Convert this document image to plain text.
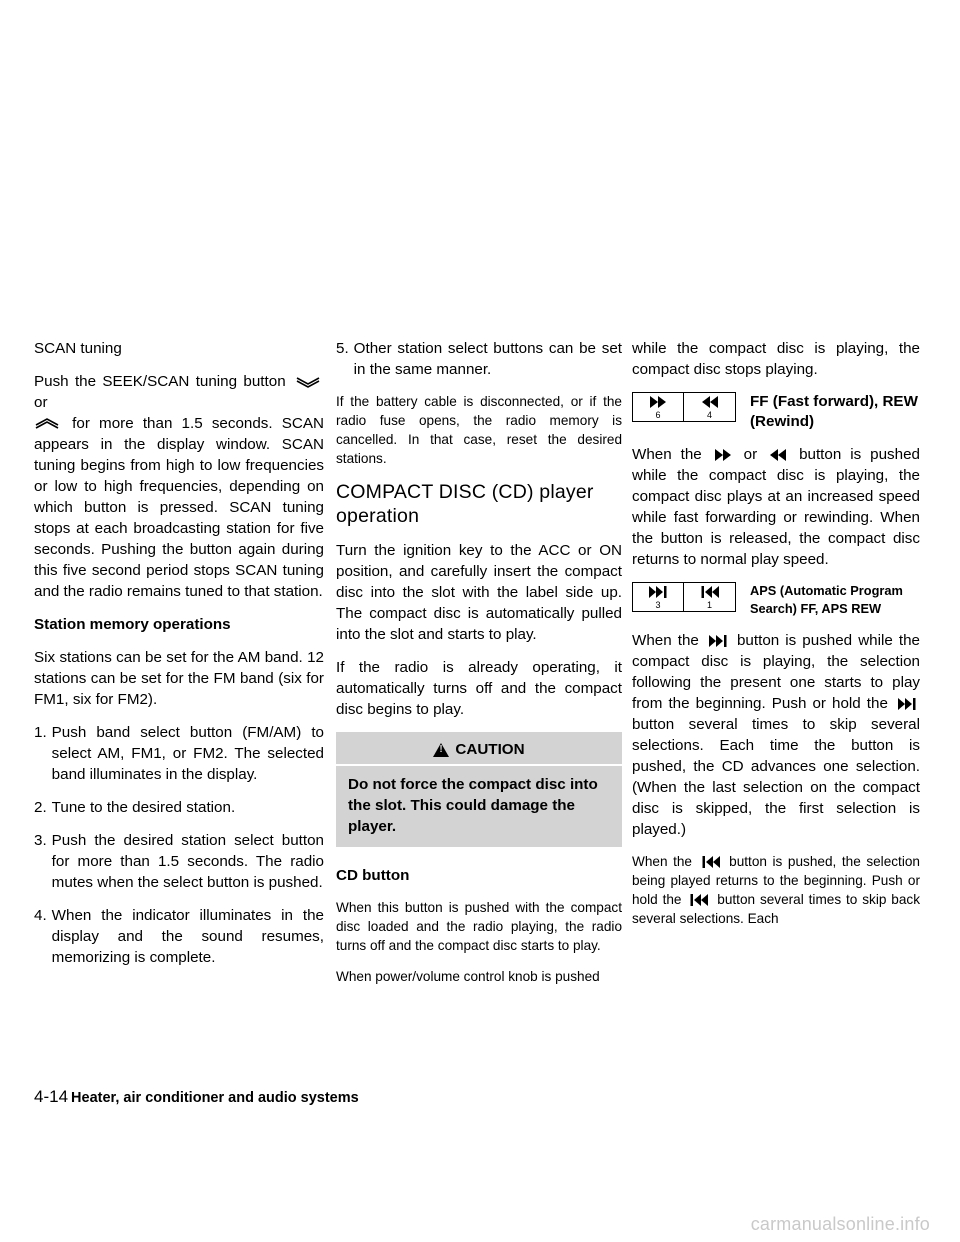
SCAN tuning

Push the SEEK/SCAN tuning button  or
for more than 1.5 seconds. SCAN appears in the display window. SCAN tuning begins from high to low frequencies or low to high frequencies, depending on which button is pressed. SCAN tuning stops at each broadcasting station for five seconds. Pushing the button again during this five second period stops SCAN tuning and the radio remains tuned to that station.

Station memory operations

Six stations can be set for the AM band. 12 stations can be set for the FM band (six for FM1, six for FM2).

1. Push band select button (FM/AM) to select AM, FM1, or FM2. The selected band illuminates in the display.
2. Tune to the desired station.
3. Push the desired station select button for more than 1.5 seconds. The radio mutes when the select button is pushed.
4. When the indicator illuminates in the display and the sound resumes, memorizing is complete.
5. Other station select buttons can be set in the same manner.

If the battery cable is disconnected, or if the radio fuse opens, the radio memory is cancelled. In that case, reset the desired stations.

COMPACT DISC (CD) player operation

Turn the ignition key to the ACC or ON position, and carefully insert the compact disc into the slot with the label side up. The compact disc is automatically pulled into the slot and starts to play.

If the radio is already operating, it automatically turns off and the compact disc begins to play.

!
CAUTION
Do not force the compact disc into the slot. This could damage the player.

CD button

When this button is pushed with the compact disc loaded and the radio playing, the radio turns off and the compact disc starts to play.

When power/volume control knob is pushed

while the compact disc is playing, the compact disc stops playing.

6	4
FF (Fast forward), REW (Rewind)

When the	or	button is pushed while the compact disc is playing, the compact disc plays at an increased speed while fast forwarding or rewinding. When the button is released, the compact disc returns to normal play speed.

3	1
APS (Automatic Program Search) FF, APS REW

When the	button is pushed while the compact disc is playing, the selection following the present one starts to play from the beginning. Push or hold the  button several times to skip several selections. Each time the button is pushed, the CD advances one selection. (When the last selection on the compact disc is skipped, the first selection is played.)

When the	button is pushed, the selection being played returns to the beginning. Push or hold the	button several times to skip back several selections. Each

4-14 Heater, air conditioner and audio systems
carmanualsonline.info
